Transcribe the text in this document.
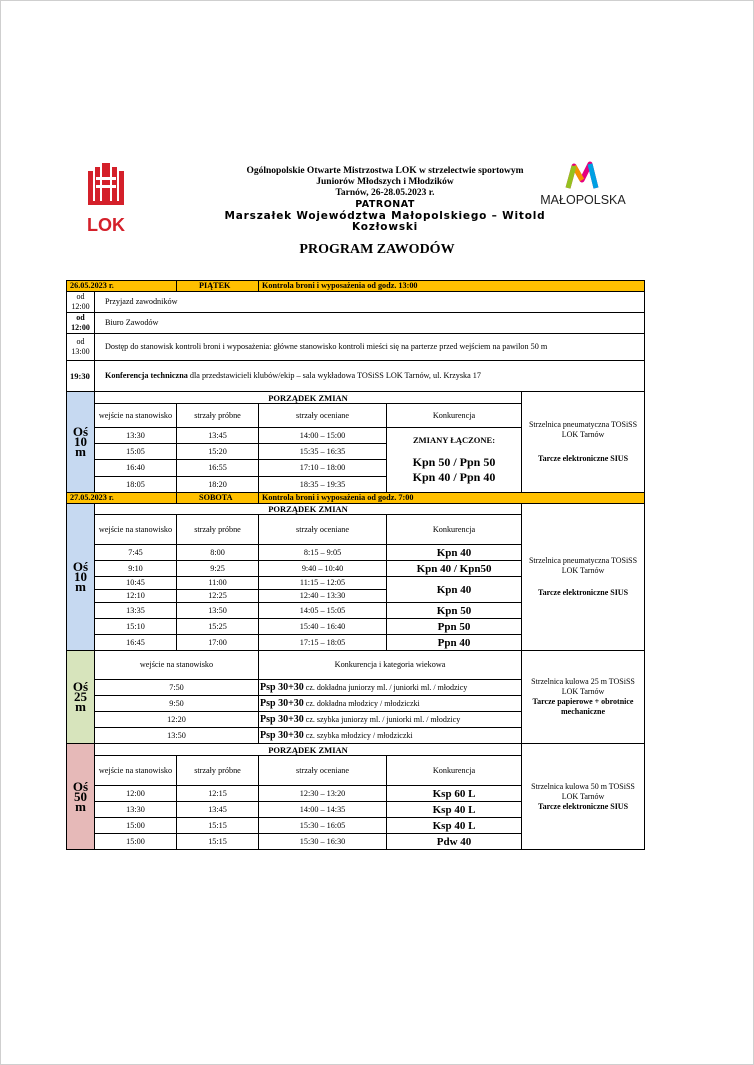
LOK
MAŁOPOLSKA
Ogólnopolskie Otwarte Mistrzostwa LOK w strzelectwie sportowym
Juniorów Młodszych i Młodzików
Tarnów, 26-28.05.2023 r.
PATRONAT
Marszałek Województwa Małopolskiego – Witold Kozłowski
PROGRAM ZAWODÓW
26.05.2023 r.		PIĄTEK	Kontrola broni i wyposażenia od godz. 13:00		
od 12:00	Przyjazd zawodników				
od 12:00	Biuro Zawodów				
od 13:00	Dostęp do stanowisk kontroli broni i wyposażenia: główne stanowisko kontroli mieści się na parterze przed wejściem na pawilon 50 m				
19:30	Konferencja techniczna dla przedstawicieli klubów/ekip – sala wykładowa TOSiSS LOK Tarnów, ul. Krzyska 17				
Oś 10 m	PORZĄDEK ZMIAN				Strzelnica pneumatyczna TOSiSS LOK Tarnów
Tarcze elektroniczne SIUS

	wejście na stanowisko	strzały próbne	strzały oceniane	Konkurencja	
	13:30	13:45	14:00 – 15:00	ZMIANY ŁĄCZONE:
Kpn 50 / Ppn 50
Kpn 40 / Ppn 40	

	15:05	15:20	15:35 – 16:35		
	16:40	16:55	17:10 – 18:00		
	18:05	18:20	18:35 – 19:35		
27.05.2023 r.		SOBOTA	Kontrola broni i wyposażenia od godz. 7:00		
Oś 10 m	PORZĄDEK ZMIAN				Strzelnica pneumatyczna TOSiSS LOK Tarnów
Tarcze elektroniczne SIUS

	wejście na stanowisko	strzały próbne	strzały oceniane	Konkurencja	
	7:45	8:00	8:15 – 9:05	Kpn 40	
	9:10	9:25	9:40 – 10:40	Kpn 40 / Kpn50	
	10:45	11:00	11:15 – 12:05	Kpn 40	
	12:10	12:25	12:40 – 13:30		
	13:35	13:50	14:05 – 15:05	Kpn 50	
	15:10	15:25	15:40 – 16:40	Ppn 50	
	16:45	17:00	17:15 – 18:05	Ppn 40	
Oś 25 m	wejście na stanowisko		Konkurencja i kategoria wiekowa		Strzelnica kulowa 25 m TOSiSS LOK Tarnów
Tarcze papierowe + obrotnice mechaniczne

	7:50		Psp 30+30 cz. dokładna juniorzy ml. / juniorki ml. / młodzicy		
	9:50		Psp 30+30 cz. dokładna młodzicy / młodziczki		
	12:20		Psp 30+30 cz. szybka juniorzy ml. / juniorki ml. / młodzicy		
	13:50		Psp 30+30 cz. szybka młodzicy / młodziczki		
Oś 50 m	PORZĄDEK ZMIAN				Strzelnica kulowa 50 m TOSiSS LOK Tarnów
Tarcze elektroniczne SIUS

	wejście na stanowisko	strzały próbne	strzały oceniane	Konkurencja	
	12:00	12:15	12:30 – 13:20	Ksp 60 L	
	13:30	13:45	14:00 – 14:35	Ksp 40 L	
	15:00	15:15	15:30 – 16:05	Ksp 40 L	
	15:00	15:15	15:30 – 16:30	Pdw 40	
